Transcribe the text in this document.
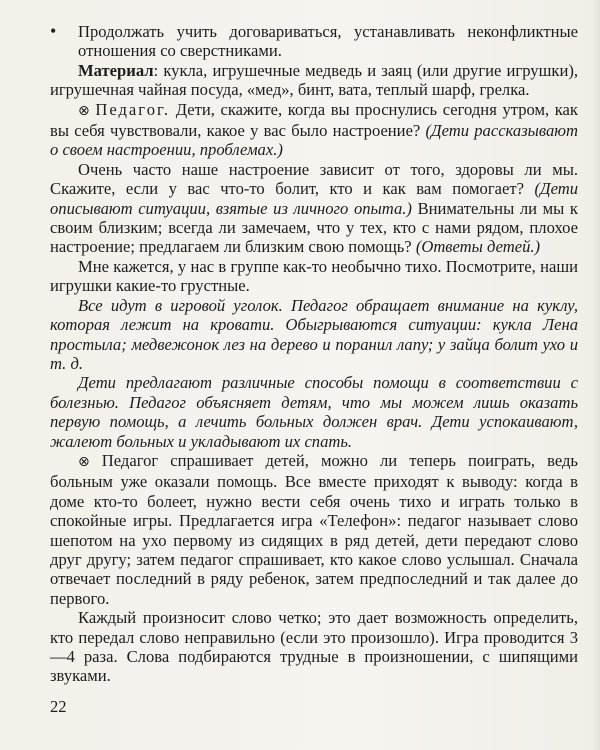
•	Продолжать учить договариваться, устанавливать неконфликтные отношения со сверстниками.

Материал: кукла, игрушечные медведь и заяц (или другие игрушки), игрушечная чайная посуда, «мед», бинт, вата, теплый шарф, грелка.

⊗ Педагог. Дети, скажите, когда вы проснулись сегодня утром, как вы себя чувствовали, какое у вас было настроение? (Дети рассказывают о своем настроении, проблемах.)

Очень часто наше настроение зависит от того, здоровы ли мы. Скажите, если у вас что-то болит, кто и как вам помогает? (Дети описывают ситуации, взятые из личного опыта.) Внимательны ли мы к своим близким; всегда ли замечаем, что у тех, кто с нами рядом, плохое настроение; предлагаем ли близким свою помощь? (Ответы детей.)

Мне кажется, у нас в группе как-то необычно тихо. Посмотрите, наши игрушки какие-то грустные.

Все идут в игровой уголок. Педагог обращает внимание на куклу, которая лежит на кровати. Обыгрываются ситуации: кукла Лена простыла; медвежонок лез на дерево и поранил лапу; у зайца болит ухо и т. д.

Дети предлагают различные способы помощи в соответствии с болезнью. Педагог объясняет детям, что мы можем лишь оказать первую помощь, а лечить больных должен врач. Дети успокаивают, жалеют больных и укладывают их спать.

⊗ Педагог спрашивает детей, можно ли теперь поиграть, ведь больным уже оказали помощь. Все вместе приходят к выводу: когда в доме кто-то болеет, нужно вести себя очень тихо и играть только в спокойные игры. Предлагается игра «Телефон»: педагог называет слово шепотом на ухо первому из сидящих в ряд детей, дети передают слово друг другу; затем педагог спрашивает, кто какое слово услышал. Сначала отвечает последний в ряду ребенок, затем предпоследний и так далее до первого.

Каждый произносит слово четко; это дает возможность определить, кто передал слово неправильно (если это произошло). Игра проводится 3—4 раза. Слова подбираются трудные в произношении, с шипящими звуками.

22
